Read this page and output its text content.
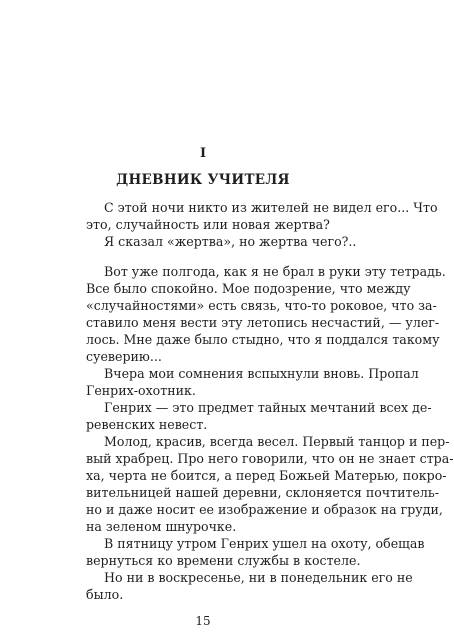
I
ДНЕВНИК УЧИТЕЛЯ
С этой ночи никто из жителей не видел его... Что
это, случайность или новая жертва?
Я сказал «жертва», но жертва чего?..
Вот уже полгода, как я не брал в руки эту тетрадь.
Все было спокойно. Мое подозрение, что между
«случайностями» есть связь, что-то роковое, что за-
ставило меня вести эту летопись несчастий, — улег-
лось. Мне даже было стыдно, что я поддался такому
суеверию...
Вчера мои сомнения вспыхнули вновь. Пропал
Генрих-охотник.
Генрих — это предмет тайных мечтаний всех де-
ревенских невест.
Молод, красив, всегда весел. Первый танцор и пер-
вый храбрец. Про него говорили, что он не знает стра-
ха, черта не боится, а перед Божьей Матерью, покро-
вительницей нашей деревни, склоняется почтитель-
но и даже носит ее изображение и образок на груди,
на зеленом шнурочке.
В пятницу утром Генрих ушел на охоту, обещав
вернуться ко времени службы в костеле.
Но ни в воскресенье, ни в понедельник его не
было.
15
